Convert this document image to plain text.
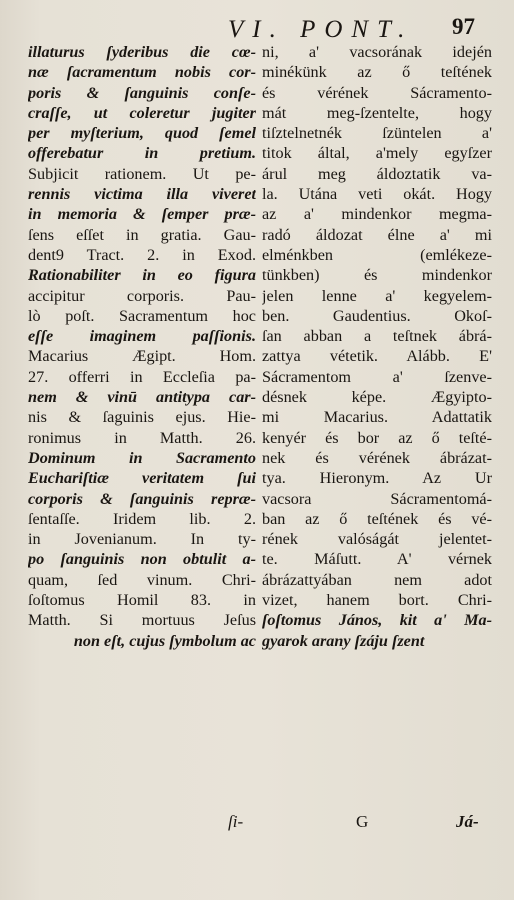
VI. PONT. 97
illaturus ſyderibus die cœ-
næ ſacramentum nobis cor-
poris & ſanguinis conſe-
craſſe, ut coleretur jugiter
per myſterium, quod ſemel
offerebatur in pretium.
Subjicit rationem. Ut pe-
rennis victima illa viveret
in memoria & ſemper præ-
ſens eſſet in gratia. Gau-
dent9 Tract. 2. in Exod.
Rationabiliter in eo figura
accipitur corporis. Pau-
lò poſt. Sacramentum hoc
eſſe imaginem paſſionis.
Macarius Ægipt. Hom.
27. offerri in Eccleſia pa-
nem & vinū antitypa car-
nis & ſaguinis ejus. Hie-
ronimus in Matth. 26.
Dominum in Sacramento
Euchariſtiæ veritatem ſui
corporis & ſanguinis repræ-
ſentaſſe. Iridem lib. 2.
in Jovenianum. In ty-
po ſanguinis non obtulit a-
quam, ſed vinum. Chri-
ſoſtomus Homil 83. in
Matth. Si mortuus Jeſus
non eſt, cujus ſymbolum ac
ni, a' vacsorának idején
minékünk az ő teſtének
és vérének Sácramento-
mát meg-ſzentelte, hogy
tiſztelnetnék ſzüntelen a'
titok által, a'mely egyſzer
árul meg áldoztatik va-
la. Utána veti okát. Hogy
az a' mindenkor megma-
radó áldozat élne a' mi
elménkben (emlékeze-
tünkben) és mindenkor
jelen lenne a' kegyelem-
ben. Gaudentius. Okoſ-
ſan abban a teſtnek ábrá-
zattya vétetik. Alább. E'
Sácramentom a' ſzenve-
désnek képe. Ægyipto-
mi Macarius. Adattatik
kenyér és bor az ő teſté-
nek és vérének ábrázat-
tya. Hieronym. Az Ur
vacsora Sácramentomá-
ban az ő teſtének és vé-
rének valóságát jelentet-
te. Máſutt. A' vérnek
ábrázattyában nem adot
vizet, hanem bort. Chri-
ſoſtomus János, kit a' Ma-
gyarok arany ſzáju ſzent
ſi-	G	Já-
